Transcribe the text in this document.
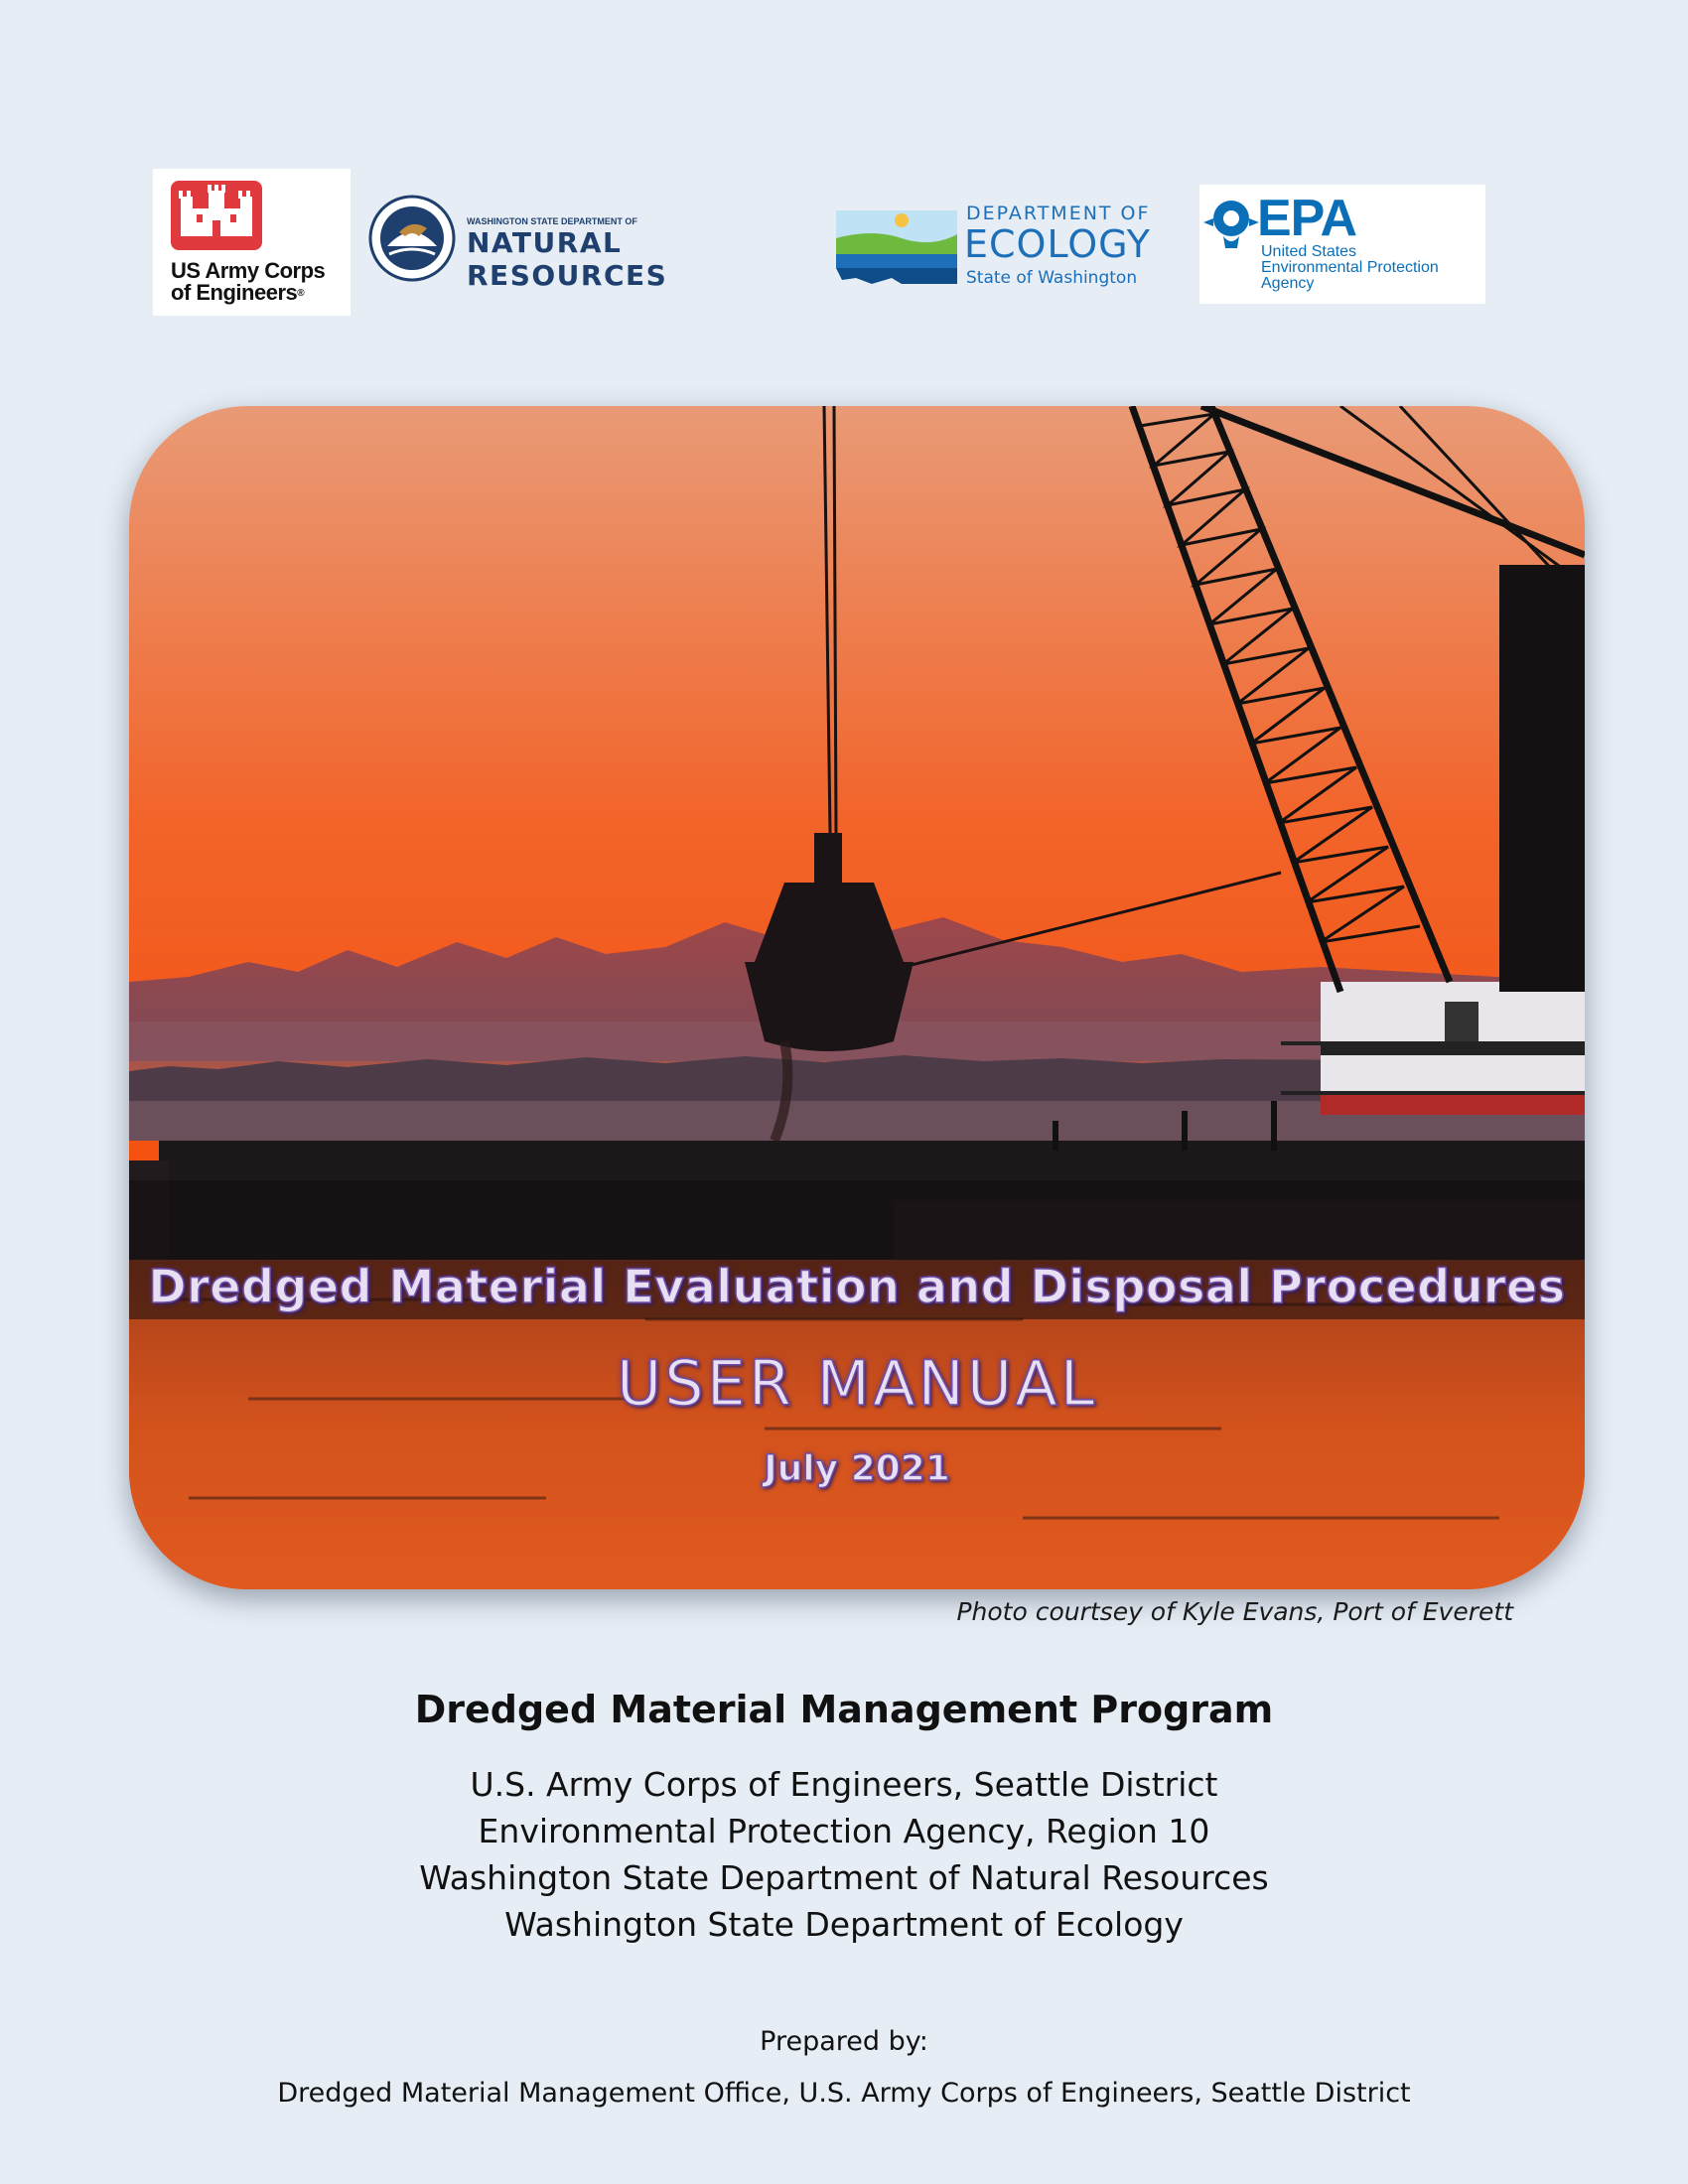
US Army Corps
of Engineers®
WASHINGTON STATE DEPARTMENT OF
NATURAL RESOURCES
DEPARTMENT OF
ECOLOGY
State of Washington
EPA
United States
Environmental Protection
Agency
Dredged Material Evaluation and Disposal Procedures
USER MANUAL
July 2021
Photo courtsey of Kyle Evans, Port of Everett
Dredged Material Management Program
U.S. Army Corps of Engineers, Seattle District
Environmental Protection Agency, Region 10
Washington State Department of Natural Resources
Washington State Department of Ecology
Prepared by:
Dredged Material Management Office, U.S. Army Corps of Engineers, Seattle District
